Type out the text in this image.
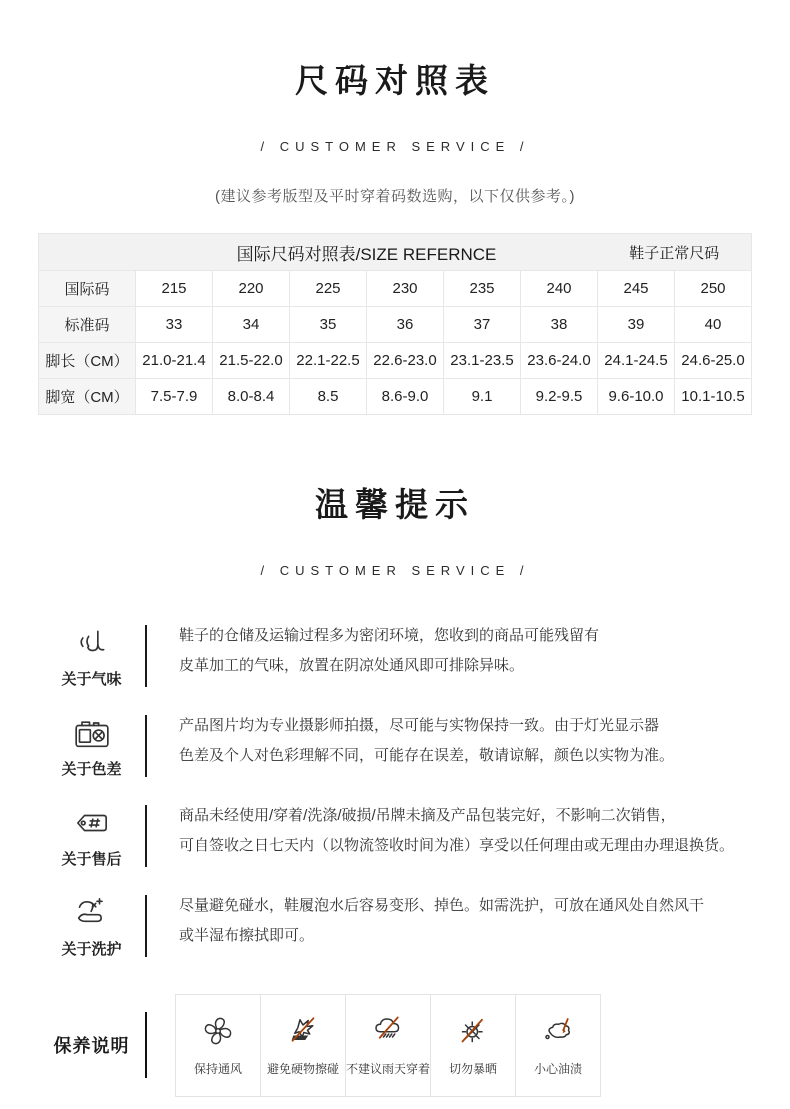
尺码对照表
/ CUSTOMER SERVICE /
(建议参考版型及平时穿着码数选购，以下仅供参考。)
	国际尺码对照表/SIZE REFERNCE						鞋子正常尺码	
国际码	215	220	225	230	235	240	245	250
标准码	33	34	35	36	37	38	39	40
脚长（CM）	21.0-21.4	21.5-22.0	22.1-22.5	22.6-23.0	23.1-23.5	23.6-24.0	24.1-24.5	24.6-25.0
脚宽（CM）	7.5-7.9	8.0-8.4	8.5	8.6-9.0	9.1	9.2-9.5	9.6-10.0	10.1-10.5
温馨提示
/ CUSTOMER SERVICE /
关于气味
鞋子的仓储及运输过程多为密闭环境，您收到的商品可能残留有
皮革加工的气味，放置在阴凉处通风即可排除异味。
关于色差
产品图片均为专业摄影师拍摄，尽可能与实物保持一致。由于灯光显示器
色差及个人对色彩理解不同，可能存在误差，敬请谅解，颜色以实物为准。
关于售后
商品未经使用/穿着/洗涤/破损/吊牌未摘及产品包装完好，不影响二次销售，
可自签收之日七天内（以物流签收时间为准）享受以任何理由或无理由办理退换货。
关于洗护
尽量避免碰水，鞋履泡水后容易变形、掉色。如需洗护，可放在通风处自然风干
或半湿布擦拭即可。
保养说明
保持通风 避免硬物擦碰 不建议雨天穿着 切勿暴晒	小心油渍
